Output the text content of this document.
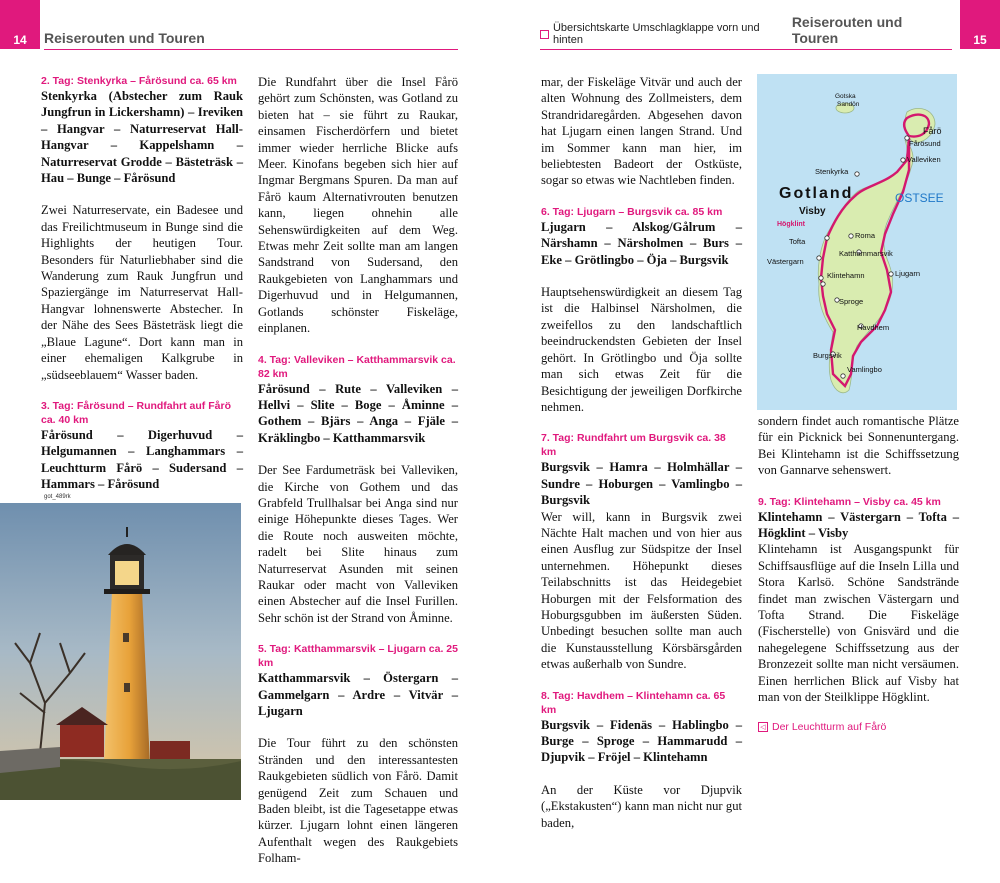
14 Reiserouten und Touren
Übersichtskarte Umschlagklappe vorn und hinten
Reiserouten und Touren	15
2. Tag: Stenkyrka – Fårösund ca. 65 km
Stenkyrka (Abstecher zum Rauk Jungfrun in Lickershamn) – Ireviken – Hangvar – Naturreservat Hall-Hangvar – Kappelshamn – Naturreservat Grodde – Bästeträsk – Hau – Bunge – Fårösund

Zwei Naturreservate, ein Badesee und das Freilichtmuseum in Bunge sind die Highlights der heutigen Tour. Besonders für Naturliebhaber sind die Wanderung zum Rauk Jungfrun und Spaziergänge im Naturreservat Hall-Hangvar lohnenswerte Abstecher. In der Nähe des Sees Bästeträsk liegt die „Blaue Lagune“. Dort kann man in einer ehemaligen Kalkgrube in „südseeblauem“ Wasser baden.

3. Tag: Fårösund – Rundfahrt auf Fårö ca. 40 km
Fårösund – Digerhuvud – Helgumannen – Langhammars – Leuchtturm Fårö – Sudersand – Hammars – Fårösund
got_489rk

Die Rundfahrt über die Insel Fårö gehört zum Schönsten, was Gotland zu bieten hat – sie führt zu Raukar, einsamen Fischerdörfern und bietet immer wieder herrliche Blicke aufs Meer. Kinofans begeben sich hier auf Ingmar Bergmans Spuren. Da man auf Fårö kaum Alternativrouten benutzen kann, liegen ohnehin alle Sehenswürdigkeiten auf dem Weg. Etwas mehr Zeit sollte man am langen Sandstrand von Sudersand, den Raukgebieten von Langhammars und Digerhuvud und in Helgumannen, Gotlands schönster Fiskeläge, einplanen.

4. Tag: Valleviken – Katthammarsvik ca. 82 km
Fårösund – Rute – Valleviken – Hellvi – Slite – Boge – Åminne – Gothem – Bjärs – Anga – Fjäle – Kräklingbo – Katthammarsvik

Der See Fardumeträsk bei Valleviken, die Kirche von Gothem und das Grabfeld Trullhalsar bei Anga sind nur einige Höhepunkte dieses Tages. Wer die Route noch ausweiten möchte, radelt bei Slite hinaus zum Naturreservat Asunden mit seinen Raukar oder macht von Valleviken einen Abstecher auf die Insel Furillen. Sehr schön ist der Strand von Åminne.

5. Tag: Katthammarsvik – Ljugarn ca. 25 km
Katthammarsvik – Östergarn – Gammelgarn – Ardre – Vitvär – Ljugarn

Die Tour führt zu den schönsten Stränden und den interessantesten Raukgebieten südlich von Fårö. Damit genügend Zeit zum Schauen und Baden bleibt, ist die Tagesetappe etwas kürzer. Ljugarn lohnt einen längeren Aufenthalt wegen des Raukgebiets Folham-

mar, der Fiskeläge Vitvär und auch der alten Wohnung des Zollmeisters, dem Strandridaregården. Abgesehen davon hat Ljugarn einen langen Strand. Und im Sommer kann man hier, im beliebtesten Badeort der Ostküste, sogar so etwas wie Nachtleben finden.

6. Tag: Ljugarn – Burgsvik ca. 85 km
Ljugarn – Alskog/Gålrum – Närshamn – Närsholmen – Burs – Eke – Grötlingbo – Öja – Burgsvik

Hauptsehenswürdigkeit an diesem Tag ist die Halbinsel Närsholmen, die zweifellos zu den landschaftlich beeindruckendsten Gebieten der Insel gehört. In Grötlingbo und Öja sollte man sich etwas Zeit für die Besichtigung der jeweiligen Dorfkirche nehmen.

7. Tag: Rundfahrt um Burgsvik ca. 38 km
Burgsvik – Hamra – Holmhällar – Sundre – Hoburgen – Vamlingbo – Burgsvik

Wer will, kann in Burgsvik zwei Nächte Halt machen und von hier aus einen Ausflug zur Südspitze der Insel unternehmen. Höhepunkt dieses Teilabschnitts ist das Heidegebiet Hoburgen mit der Felsformation des Hoburgsgubben im äußersten Süden. Unbedingt besuchen sollte man auch die Kunstausstellung Körsbärsgården etwas außerhalb von Sundre.

8. Tag: Havdhem – Klintehamn ca. 65 km
Burgsvik – Fidenäs – Hablingbo – Burge – Sproge – Hammarudd – Djupvik – Fröjel – Klintehamn

An der Küste vor Djupvik („Ekstakusten“) kann man nicht nur gut baden,

Gotska
Sandön
Fårö
Fårösund
Valleviken
Stenkyrka
Gotland	OSTSEE
Visby
Högklint
Roma
Tofta
Katthammarsvik
Västergarn
Klintehamn	Ljugarn
Sproge
Havdhem
Burgsvik
Vamlingbo

sondern findet auch romantische Plätze für ein Picknick bei Sonnenuntergang. Bei Klintehamn ist die Schiffssetzung von Gannarve sehenswert.

9. Tag: Klintehamn – Visby ca. 45 km
Klintehamn – Västergarn – Tofta – Högklint – Visby

Klintehamn ist Ausgangspunkt für Schiffsausflüge auf die Inseln Lilla und Stora Karlsö. Schöne Sandstrände findet man zwischen Västergarn und Tofta Strand. Die Fiskeläge (Fischerstelle) von Gnisvärd und die nahegelegene Schiffssetzung aus der Bronzezeit sollte man nicht versäumen. Einen herrlichen Blick auf Visby hat man von der Steilklippe Högklint.

◁ Der Leuchtturm auf Fårö
